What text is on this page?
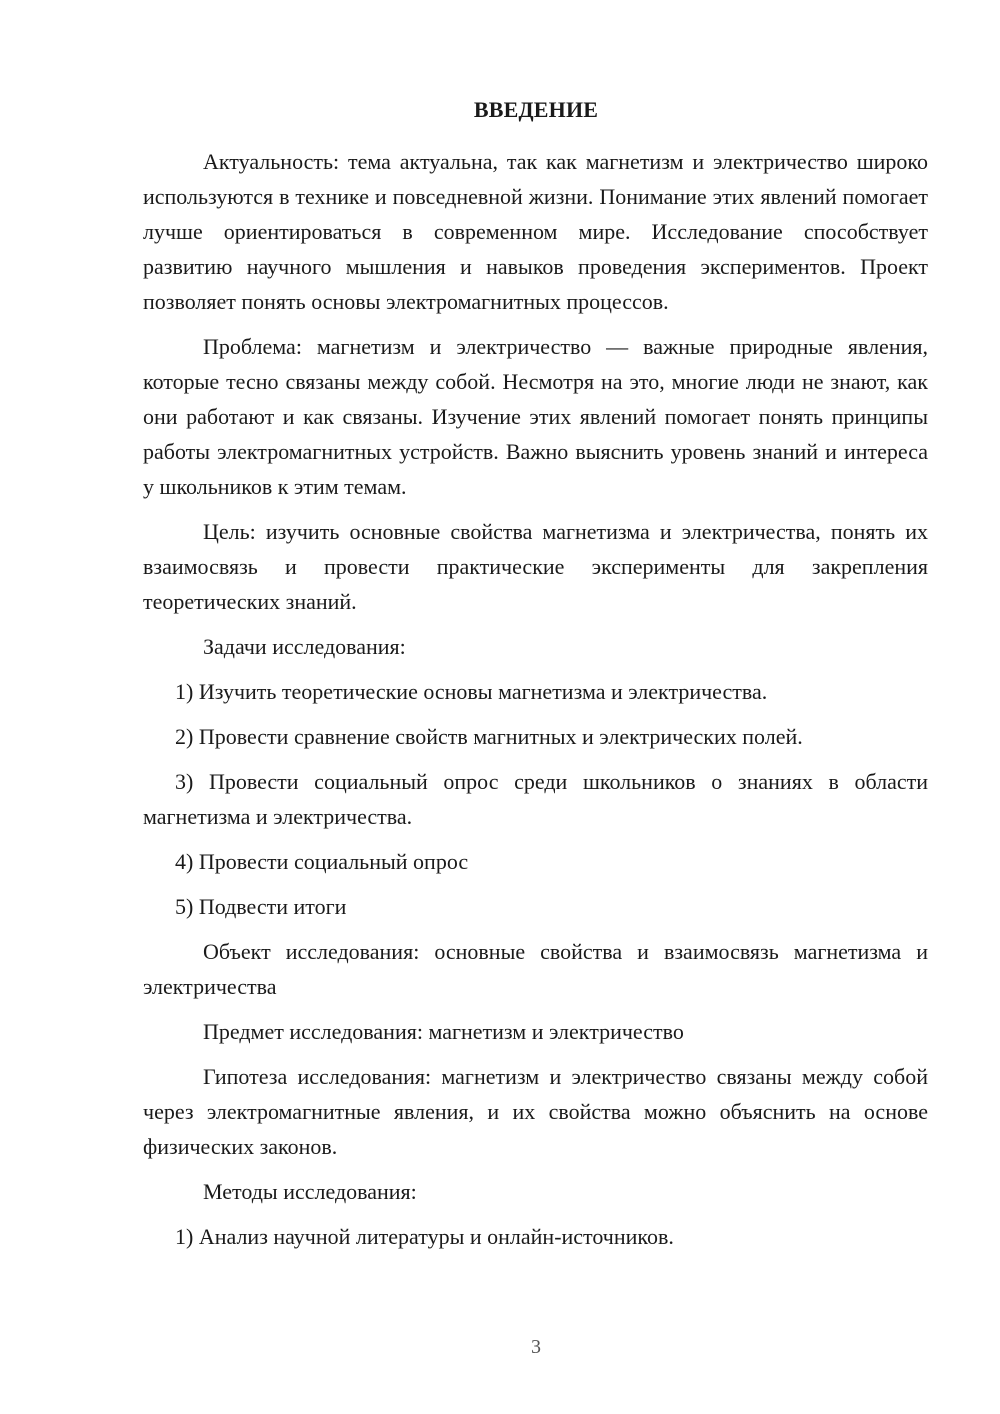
ВВЕДЕНИЕ

Актуальность: тема актуальна, так как магнетизм и электричество широко используются в технике и повседневной жизни. Понимание этих явлений помогает лучше ориентироваться в современном мире. Исследование способствует развитию научного мышления и навыков проведения экспериментов. Проект позволяет понять основы электромагнитных процессов.

Проблема: магнетизм и электричество — важные природные явления, которые тесно связаны между собой. Несмотря на это, многие люди не знают, как они работают и как связаны. Изучение этих явлений помогает понять принципы работы электромагнитных устройств. Важно выяснить уровень знаний и интереса у школьников к этим темам.

Цель: изучить основные свойства магнетизма и электричества, понять их взаимосвязь и провести практические эксперименты для закрепления теоретических знаний.

Задачи исследования:

1) Изучить теоретические основы магнетизма и электричества.

2) Провести сравнение свойств магнитных и электрических полей.

3) Провести социальный опрос среди школьников о знаниях в области магнетизма и электричества.

4) Провести социальный опрос

5) Подвести итоги

Объект исследования: основные свойства и взаимосвязь магнетизма и электричества

Предмет исследования: магнетизм и электричество

Гипотеза исследования: магнетизм и электричество связаны между собой через электромагнитные явления, и их свойства можно объяснить на основе физических законов.

Методы исследования:

1) Анализ научной литературы и онлайн-источников.

3
